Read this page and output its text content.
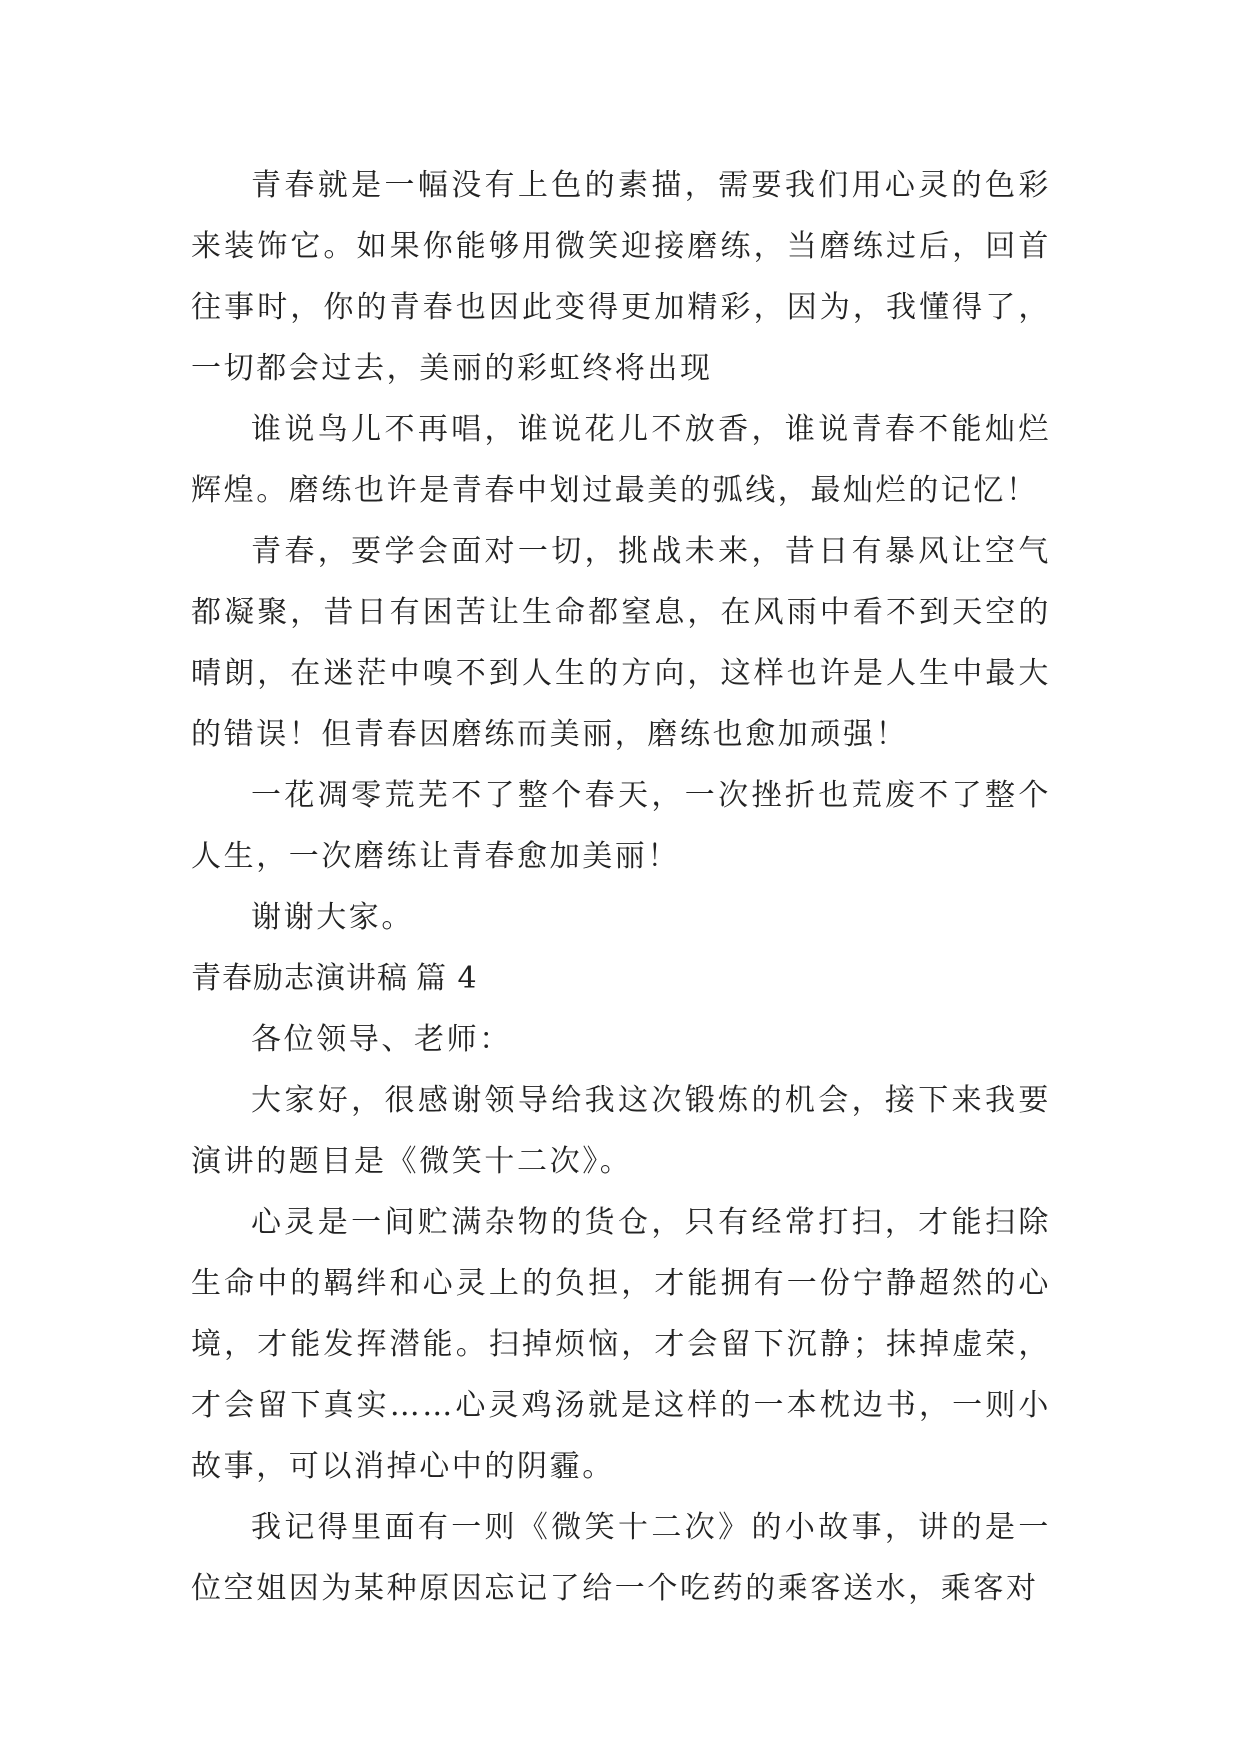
青春就是一幅没有上色的素描，需要我们用心灵的色彩来装饰它。如果你能够用微笑迎接磨练，当磨练过后，回首往事时，你的青春也因此变得更加精彩，因为，我懂得了，一切都会过去，美丽的彩虹终将出现

谁说鸟儿不再唱，谁说花儿不放香，谁说青春不能灿烂辉煌。磨练也许是青春中划过最美的弧线，最灿烂的记忆！

青春，要学会面对一切，挑战未来，昔日有暴风让空气都凝聚，昔日有困苦让生命都窒息，在风雨中看不到天空的晴朗，在迷茫中嗅不到人生的方向，这样也许是人生中最大的错误！但青春因磨练而美丽，磨练也愈加顽强！

一花凋零荒芜不了整个春天，一次挫折也荒废不了整个人生，一次磨练让青春愈加美丽！

谢谢大家。

青春励志演讲稿 篇 4

各位领导、老师：

大家好，很感谢领导给我这次锻炼的机会，接下来我要演讲的题目是《微笑十二次》。

心灵是一间贮满杂物的货仓，只有经常打扫，才能扫除生命中的羁绊和心灵上的负担，才能拥有一份宁静超然的心境，才能发挥潜能。扫掉烦恼，才会留下沉静；抹掉虚荣，才会留下真实……心灵鸡汤就是这样的一本枕边书，一则小故事，可以消掉心中的阴霾。

我记得里面有一则《微笑十二次》的小故事，讲的是一位空姐因为某种原因忘记了给一个吃药的乘客送水，乘客对
